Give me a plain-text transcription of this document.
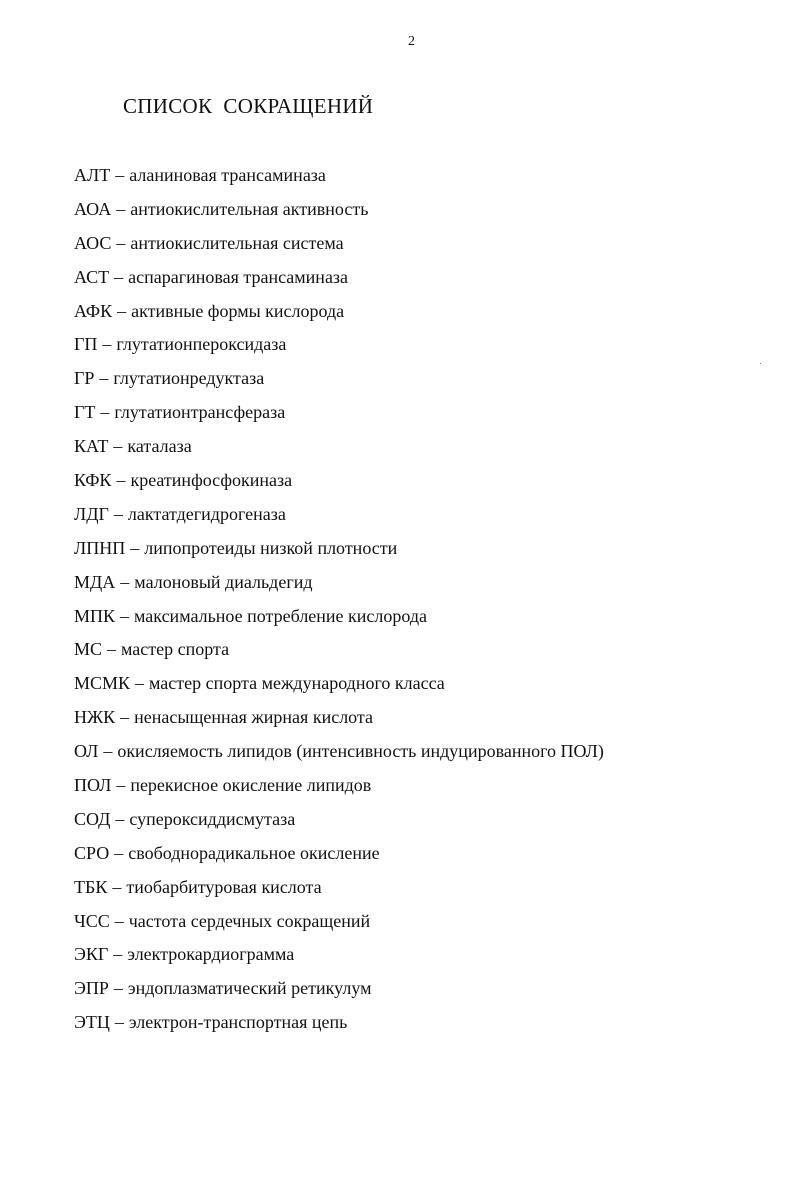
2
СПИСОК  СОКРАЩЕНИЙ
АЛТ – аланиновая трансаминаза
АОА – антиокислительная активность
АОС – антиокислительная система
АСТ – аспарагиновая трансаминаза
АФК – активные формы кислорода
ГП – глутатионпероксидаза
ГР – глутатионредуктаза
ГТ – глутатионтрансфераза
КАТ – каталаза
КФК – креатинфосфокиназа
ЛДГ – лактатдегидрогеназа
ЛПНП – липопротеиды низкой плотности
МДА – малоновый диальдегид
МПК – максимальное потребление кислорода
МС – мастер спорта
МСМК – мастер спорта международного класса
НЖК – ненасыщенная жирная кислота
ОЛ – окисляемость липидов (интенсивность индуцированного ПОЛ)
ПОЛ – перекисное окисление липидов
СОД – супероксиддисмутаза
СРО – свободнорадикальное окисление
ТБК – тиобарбитуровая кислота
ЧСС – частота сердечных сокращений
ЭКГ – электрокардиограмма
ЭПР – эндоплазматический ретикулум
ЭТЦ – электрон-транспортная цепь
